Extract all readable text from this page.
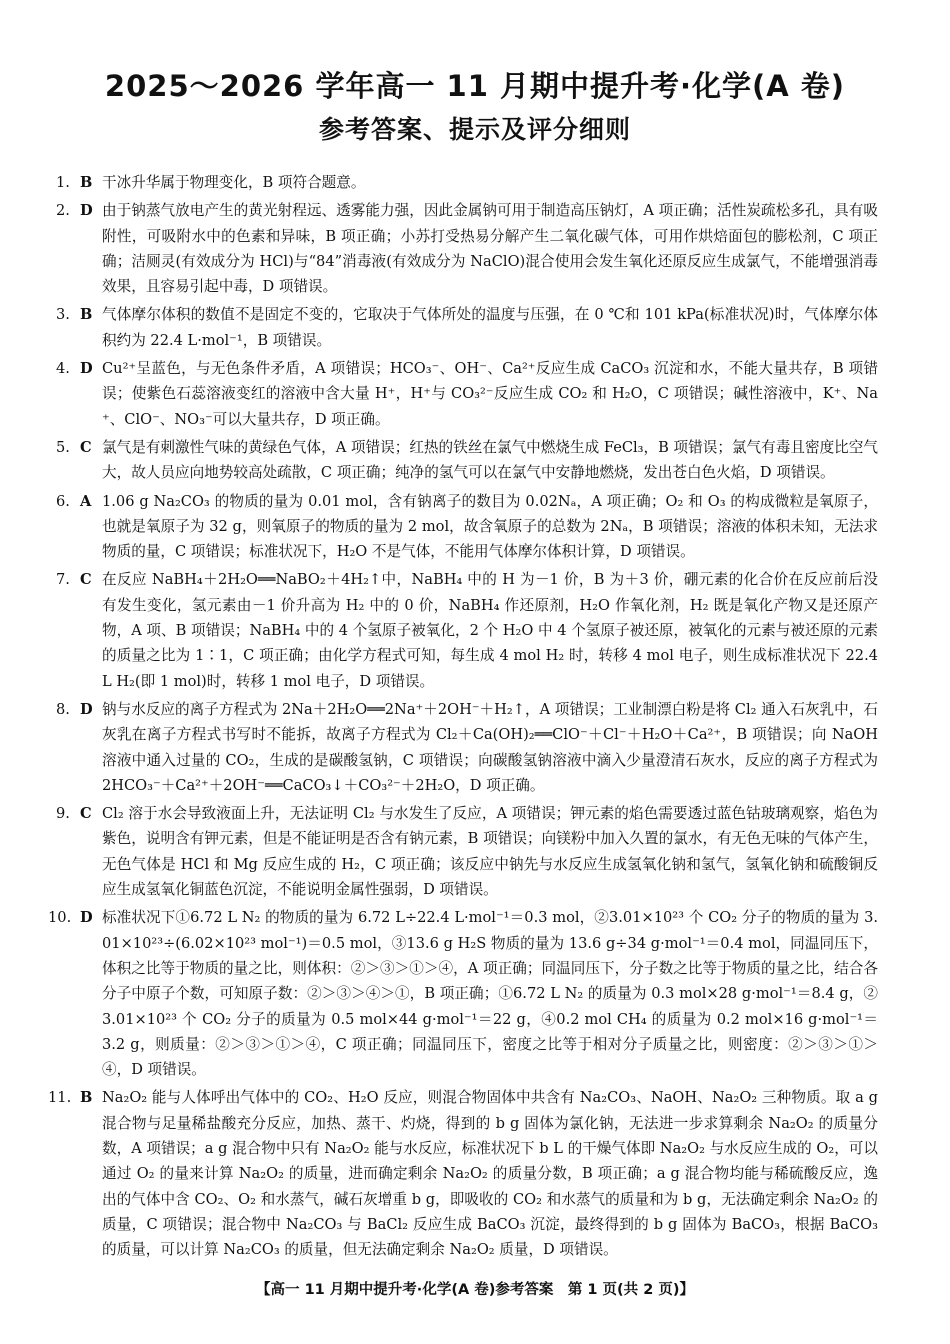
2025～2026 学年高一 11 月期中提升考·化学(A 卷)
参考答案、提示及评分细则
1. B 干冰升华属于物理变化，B 项符合题意。

2. D 由于钠蒸气放电产生的黄光射程远、透雾能力强，因此金属钠可用于制造高压钠灯，A 项正确；活性炭疏松多孔，具有吸附性，可吸附水中的色素和异味，B 项正确；小苏打受热易分解产生二氧化碳气体，可用作烘焙面包的膨松剂，C 项正确；洁厕灵(有效成分为 HCl)与“84”消毒液(有效成分为 NaClO)混合使用会发生氧化还原反应生成氯气，不能增强消毒效果，且容易引起中毒，D 项错误。

3. B 气体摩尔体积的数值不是固定不变的，它取决于气体所处的温度与压强，在 0 ℃和 101 kPa(标准状况)时，气体摩尔体积约为 22.4 L·mol⁻¹，B 项错误。

4. D Cu²⁺呈蓝色，与无色条件矛盾，A 项错误；HCO₃⁻、OH⁻、Ca²⁺反应生成 CaCO₃ 沉淀和水，不能大量共存，B 项错误；使紫色石蕊溶液变红的溶液中含大量 H⁺，H⁺与 CO₃²⁻反应生成 CO₂ 和 H₂O，C 项错误；碱性溶液中，K⁺、Na⁺、ClO⁻、NO₃⁻可以大量共存，D 项正确。

5. C 氯气是有刺激性气味的黄绿色气体，A 项错误；红热的铁丝在氯气中燃烧生成 FeCl₃，B 项错误；氯气有毒且密度比空气大，故人员应向地势较高处疏散，C 项正确；纯净的氢气可以在氯气中安静地燃烧，发出苍白色火焰，D 项错误。

6. A 1.06 g Na₂CO₃ 的物质的量为 0.01 mol，含有钠离子的数目为 0.02Nₐ，A 项正确；O₂ 和 O₃ 的构成微粒是氧原子，也就是氧原子为 32 g，则氧原子的物质的量为 2 mol，故含氧原子的总数为 2Nₐ，B 项错误；溶液的体积未知，无法求物质的量，C 项错误；标准状况下，H₂O 不是气体，不能用气体摩尔体积计算，D 项错误。

7. C 在反应 NaBH₄＋2H₂O══NaBO₂＋4H₂↑中，NaBH₄ 中的 H 为－1 价，B 为＋3 价，硼元素的化合价在反应前后没有发生变化，氢元素由－1 价升高为 H₂ 中的 0 价，NaBH₄ 作还原剂，H₂O 作氧化剂，H₂ 既是氧化产物又是还原产物，A 项、B 项错误；NaBH₄ 中的 4 个氢原子被氧化，2 个 H₂O 中 4 个氢原子被还原，被氧化的元素与被还原的元素的质量之比为 1∶1，C 项正确；由化学方程式可知，每生成 4 mol H₂ 时，转移 4 mol 电子，则生成标准状况下 22.4 L H₂(即 1 mol)时，转移 1 mol 电子，D 项错误。

8. D 钠与水反应的离子方程式为 2Na＋2H₂O══2Na⁺＋2OH⁻＋H₂↑，A 项错误；工业制漂白粉是将 Cl₂ 通入石灰乳中，石灰乳在离子方程式书写时不能拆，故离子方程式为 Cl₂＋Ca(OH)₂══ClO⁻＋Cl⁻＋H₂O＋Ca²⁺，B 项错误；向 NaOH 溶液中通入过量的 CO₂，生成的是碳酸氢钠，C 项错误；向碳酸氢钠溶液中滴入少量澄清石灰水，反应的离子方程式为 2HCO₃⁻＋Ca²⁺＋2OH⁻══CaCO₃↓＋CO₃²⁻＋2H₂O，D 项正确。

9. C Cl₂ 溶于水会导致液面上升，无法证明 Cl₂ 与水发生了反应，A 项错误；钾元素的焰色需要透过蓝色钴玻璃观察，焰色为紫色，说明含有钾元素，但是不能证明是否含有钠元素，B 项错误；向镁粉中加入久置的氯水，有无色无味的气体产生，无色气体是 HCl 和 Mg 反应生成的 H₂，C 项正确；该反应中钠先与水反应生成氢氧化钠和氢气，氢氧化钠和硫酸铜反应生成氢氧化铜蓝色沉淀，不能说明金属性强弱，D 项错误。

10. D 标准状况下①6.72 L N₂ 的物质的量为 6.72 L÷22.4 L·mol⁻¹＝0.3 mol，②3.01×10²³ 个 CO₂ 分子的物质的量为 3.01×10²³÷(6.02×10²³ mol⁻¹)＝0.5 mol，③13.6 g H₂S 物质的量为 13.6 g÷34 g·mol⁻¹＝0.4 mol，同温同压下，体积之比等于物质的量之比，则体积：②＞③＞①＞④，A 项正确；同温同压下，分子数之比等于物质的量之比，结合各分子中原子个数，可知原子数：②＞③＞④＞①，B 项正确；①6.72 L N₂ 的质量为 0.3 mol×28 g·mol⁻¹＝8.4 g，②3.01×10²³ 个 CO₂ 分子的质量为 0.5 mol×44 g·mol⁻¹＝22 g，④0.2 mol CH₄ 的质量为 0.2 mol×16 g·mol⁻¹＝3.2 g，则质量：②＞③＞①＞④，C 项正确；同温同压下，密度之比等于相对分子质量之比，则密度：②＞③＞①＞④，D 项错误。

11. B Na₂O₂ 能与人体呼出气体中的 CO₂、H₂O 反应，则混合物固体中共含有 Na₂CO₃、NaOH、Na₂O₂ 三种物质。取 a g 混合物与足量稀盐酸充分反应，加热、蒸干、灼烧，得到的 b g 固体为氯化钠，无法进一步求算剩余 Na₂O₂ 的质量分数，A 项错误；a g 混合物中只有 Na₂O₂ 能与水反应，标准状况下 b L 的干燥气体即 Na₂O₂ 与水反应生成的 O₂，可以通过 O₂ 的量来计算 Na₂O₂ 的质量，进而确定剩余 Na₂O₂ 的质量分数，B 项正确；a g 混合物均能与稀硫酸反应，逸出的气体中含 CO₂、O₂ 和水蒸气，碱石灰增重 b g，即吸收的 CO₂ 和水蒸气的质量和为 b g，无法确定剩余 Na₂O₂ 的质量，C 项错误；混合物中 Na₂CO₃ 与 BaCl₂ 反应生成 BaCO₃ 沉淀，最终得到的 b g 固体为 BaCO₃，根据 BaCO₃ 的质量，可以计算 Na₂CO₃ 的质量，但无法确定剩余 Na₂O₂ 质量，D 项错误。

【高一 11 月期中提升考·化学(A 卷)参考答案　第 1 页(共 2 页)】
